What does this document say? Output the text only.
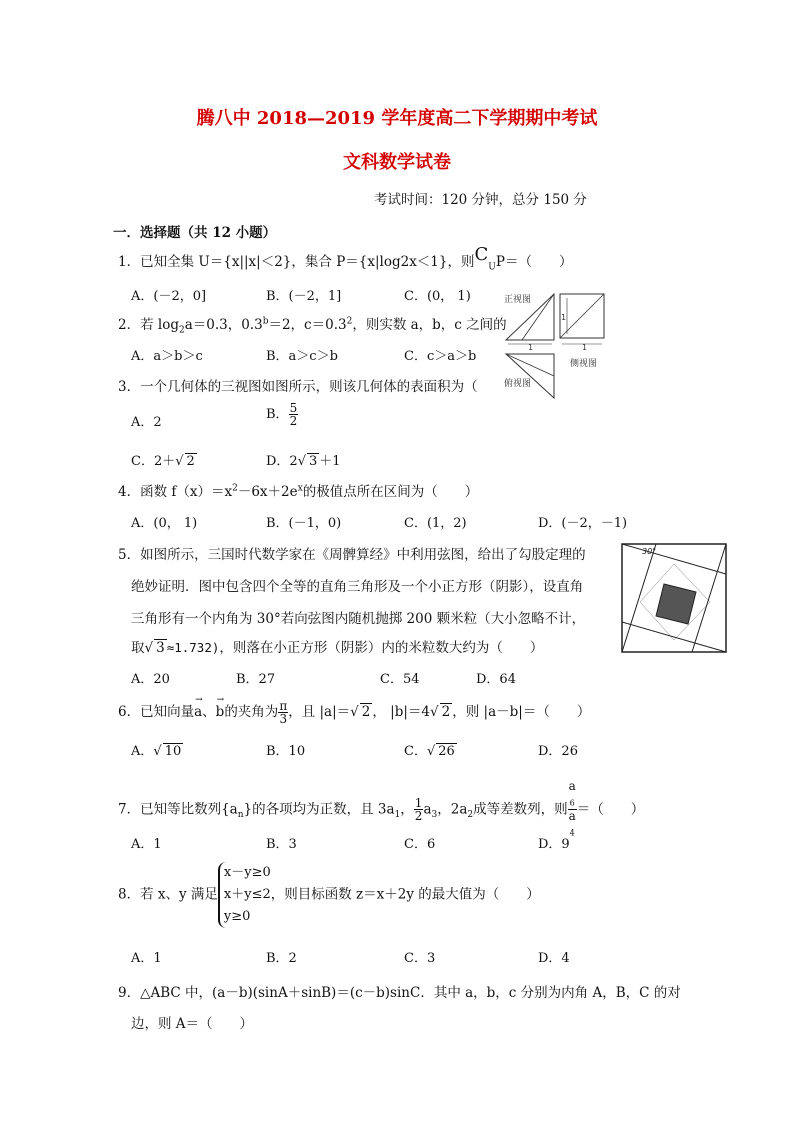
腾八中 2018—2019 学年度高二下学期期中考试
文科数学试卷
考试时间：120 分钟，总分 150 分
一．选择题（共 12 小题）
1．已知全集 U＝{x||x|＜2}，集合 P＝{x|log2x＜1}，则$C_UP=$（　　）
A．(－2，0]	B．(－2，1]	C．(0， 1)	正视图
1	1
1
侧视图
俯视图
2．若 $\log_2a=0.3$，0.3$^b$＝2，$c=0.3^2$，则实数 a，b，c 之间的
A．a＞b＞c	B．a＞c＞b	C．c＞a＞b
3．一个几何体的三视图如图所示，则该几何体的表面积为（
A．2
B． $\frac{5}{2}$
C．2＋√ 2	D．2√ 3 ＋1
4．函数 $f(x)=x^2-6x+2e^x$的极值点所在区间为（　　）
A．(0， 1)	B．(－1，0)	C．(1，2)	D．(－2，－1)
5．如图所示，三国时代数学家在《周髀算经》中利用弦图，给出了勾股定理的
绝妙证明．图中包含四个全等的直角三角形及一个小正方形（阴影），设直角
三角形有一个内角为 30°若向弦图内随机抛掷 200 颗米粒（大小忽略不计，
取√ 3 ≈1.732)，则落在小正方形（阴影）内的米粒数大约为（　　）
A．20	B．27	C．54	D．64
30°
6．已知向量
→
a、
→
b的夹角为 $\frac{\pi}{3}$ ，且 |a|＝√ 2 ， |b|＝4√ 2 ，则 |a－b|＝（　　）
A．√ 10	B．10	C．√ 26	D．26
7．已知等比数列$\{a_n\}$的各项均为正数，且 $3a_1$， $\frac{1}{2} a_3$，$2a_2$成等差数列，则 a
$_6$
a
$_4$ ＝（　　）
A．1	B．3	C．6	D．9
8．若 x、y 满足
x－y≥0
x＋y≤2
y≥0
，则目标函数 z＝x＋2y 的最大值为（　　）
A．1	B．2	C．3	D．4
9．△ABC 中，(a－b)(sinA＋sinB)＝(c－b)sinC．其中 a，b，c 分别为内角 A，B，C 的对
边，则 A＝（　　）
